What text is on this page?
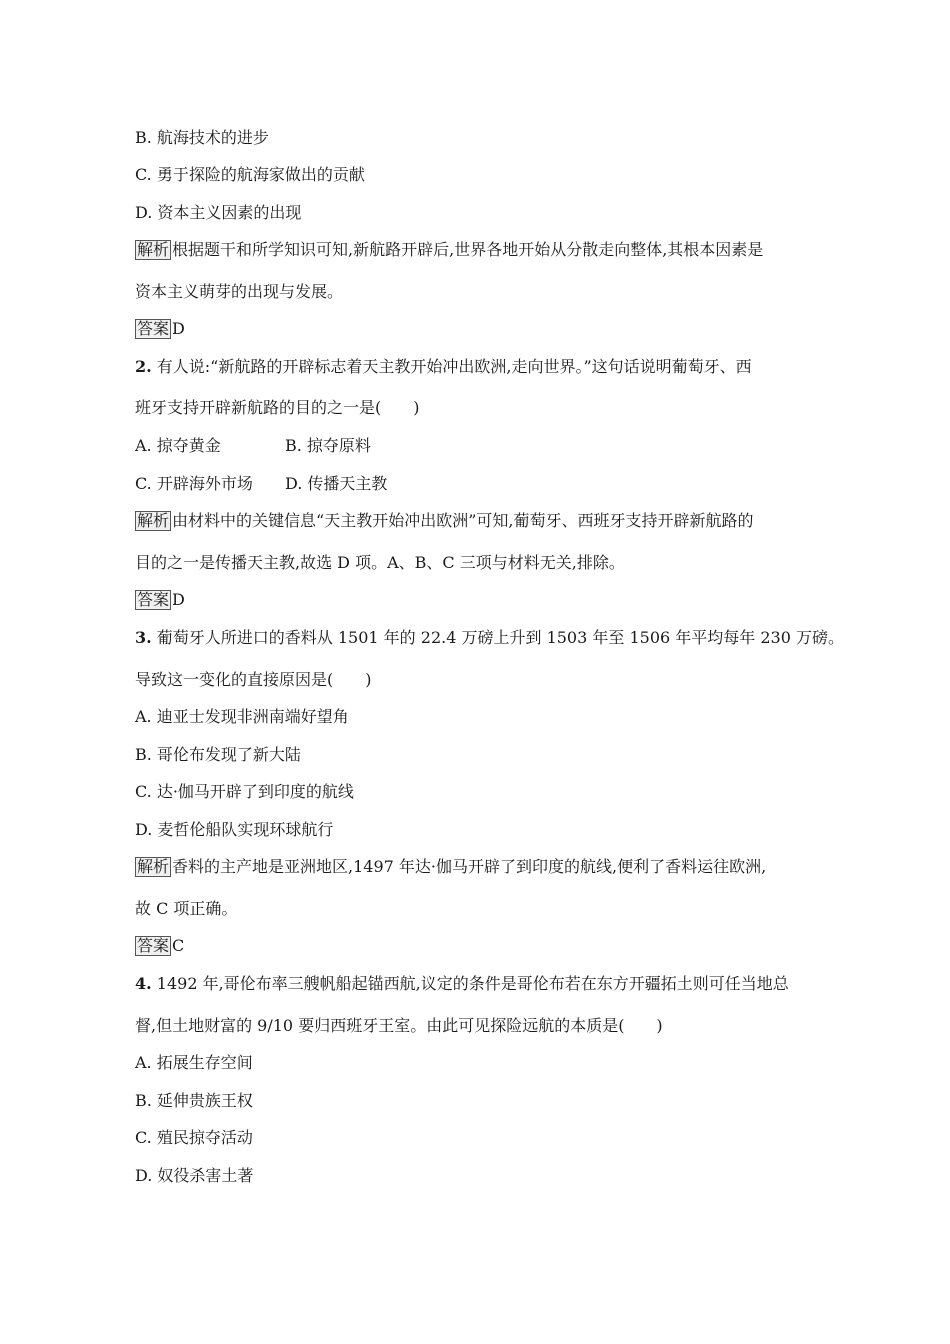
B. 航海技术的进步
C. 勇于探险的航海家做出的贡献
D. 资本主义因素的出现
解析 根据题干和所学知识可知,新航路开辟后,世界各地开始从分散走向整体,其根本因素是
资本主义萌芽的出现与发展。
答案 D
2. 有人说:“新航路的开辟标志着天主教开始冲出欧洲,走向世界。”这句话说明葡萄牙、西
班牙支持开辟新航路的目的之一是(　　)
A. 掠夺黄金	B. 掠夺原料
C. 开辟海外市场 D. 传播天主教
解析 由材料中的关键信息“天主教开始冲出欧洲”可知,葡萄牙、西班牙支持开辟新航路的
目的之一是传播天主教,故选 D 项。A、B、C 三项与材料无关,排除。
答案 D
3. 葡萄牙人所进口的香料从 1501 年的 22.4 万磅上升到 1503 年至 1506 年平均每年 230 万磅。
导致这一变化的直接原因是(　　)
A. 迪亚士发现非洲南端好望角
B. 哥伦布发现了新大陆
C. 达·伽马开辟了到印度的航线
D. 麦哲伦船队实现环球航行
解析 香料的主产地是亚洲地区,1497 年达·伽马开辟了到印度的航线,便利了香料运往欧洲,
故 C 项正确。
答案 C
4. 1492 年,哥伦布率三艘帆船起锚西航,议定的条件是哥伦布若在东方开疆拓土则可任当地总
督,但土地财富的 9/10 要归西班牙王室。由此可见探险远航的本质是(　　)
A. 拓展生存空间
B. 延伸贵族王权
C. 殖民掠夺活动
D. 奴役杀害土著
